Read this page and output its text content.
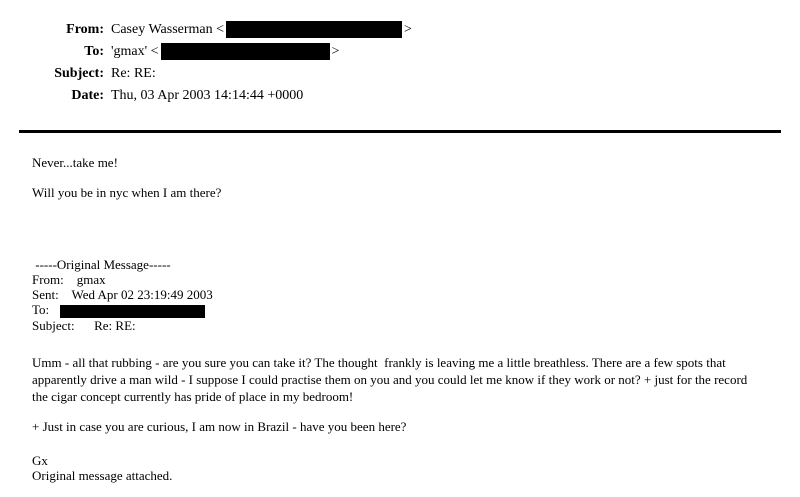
From: Casey Wasserman <	>
To: 'gmax' <	>
Subject: Re: RE:
Date: Thu, 03 Apr 2003 14:14:44 +0000
Never...take me!
Will you be in nyc when I am there?
-----Original Message-----
From:    gmax
Sent:    Wed Apr 02 23:19:49 2003
To:
Subject:      Re: RE:
Umm - all that rubbing - are you sure you can take it? The thought  frankly is leaving me a little breathless. There are a few spots that apparently drive a man wild - I suppose I could practise them on you and you could let me know if they work or not? + just for the record the cigar concept currently has pride of place in my bedroom!
+ Just in case you are curious, I am now in Brazil - have you been here?
Gx
Original message attached.
